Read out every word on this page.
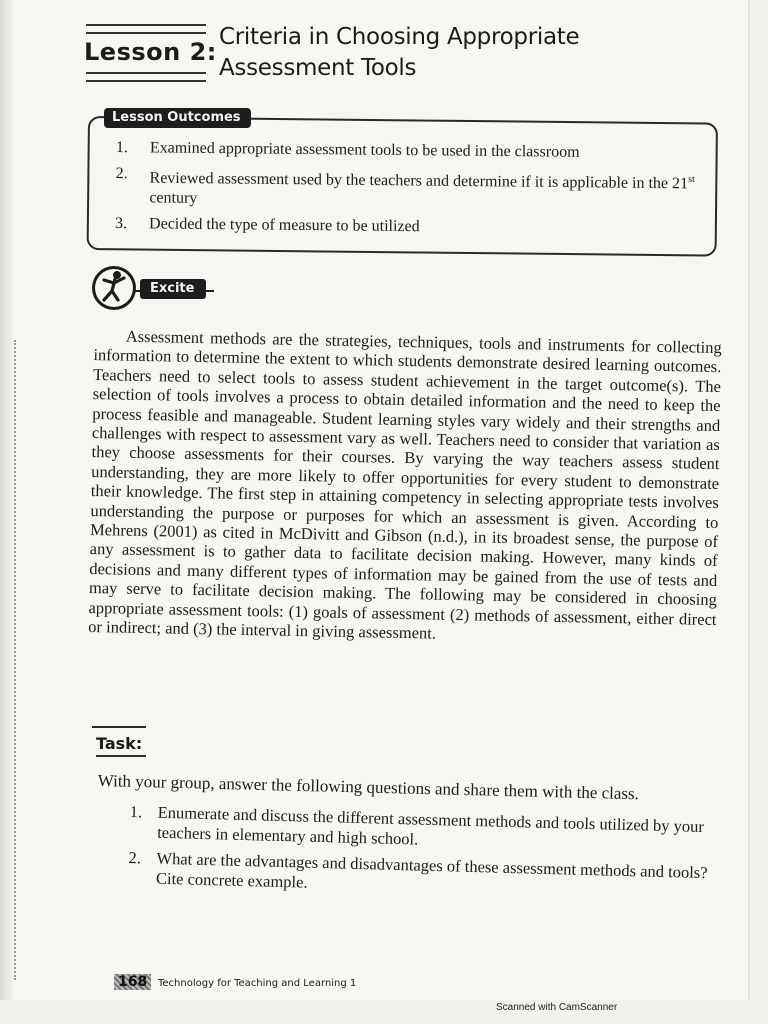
Lesson 2:
Criteria in Choosing Appropriate
Assessment Tools
Lesson Outcomes
1.	Examined appropriate assessment tools to be used in the classroom
2.	Reviewed assessment used by the teachers and determine if it is applicable in the 21st century
3.	Decided the type of measure to be utilized
Excite

Assessment methods are the strategies, techniques, tools and instruments for collecting information to determine the extent to which students demonstrate desired learning outcomes. Teachers need to select tools to assess student achievement in the target outcome(s). The selection of tools involves a process to obtain detailed information and the need to keep the process feasible and manageable. Student learning styles vary widely and their strengths and challenges with respect to assessment vary as well. Teachers need to consider that variation as they choose assessments for their courses. By varying the way teachers assess student understanding, they are more likely to offer opportunities for every student to demonstrate their knowledge. The first step in attaining competency in selecting appropriate tests involves understanding the purpose or purposes for which an assessment is given. According to Mehrens (2001) as cited in McDivitt and Gibson (n.d.), in its broadest sense, the purpose of any assessment is to gather data to facilitate decision making. However, many kinds of decisions and many different types of information may be gained from the use of tests and may serve to facilitate decision making. The following may be considered in choosing appropriate assessment tools: (1) goals of assessment (2) methods of assessment, either direct or indirect; and (3) the interval in giving assessment.

Task:

With your group, answer the following questions and share them with the class.

1. Enumerate and discuss the different assessment methods and tools utilized by your teachers in elementary and high school.
2. What are the advantages and disadvantages of these assessment methods and tools? Cite concrete example.
168	Technology for Teaching and Learning 1
Scanned with CamScanner
